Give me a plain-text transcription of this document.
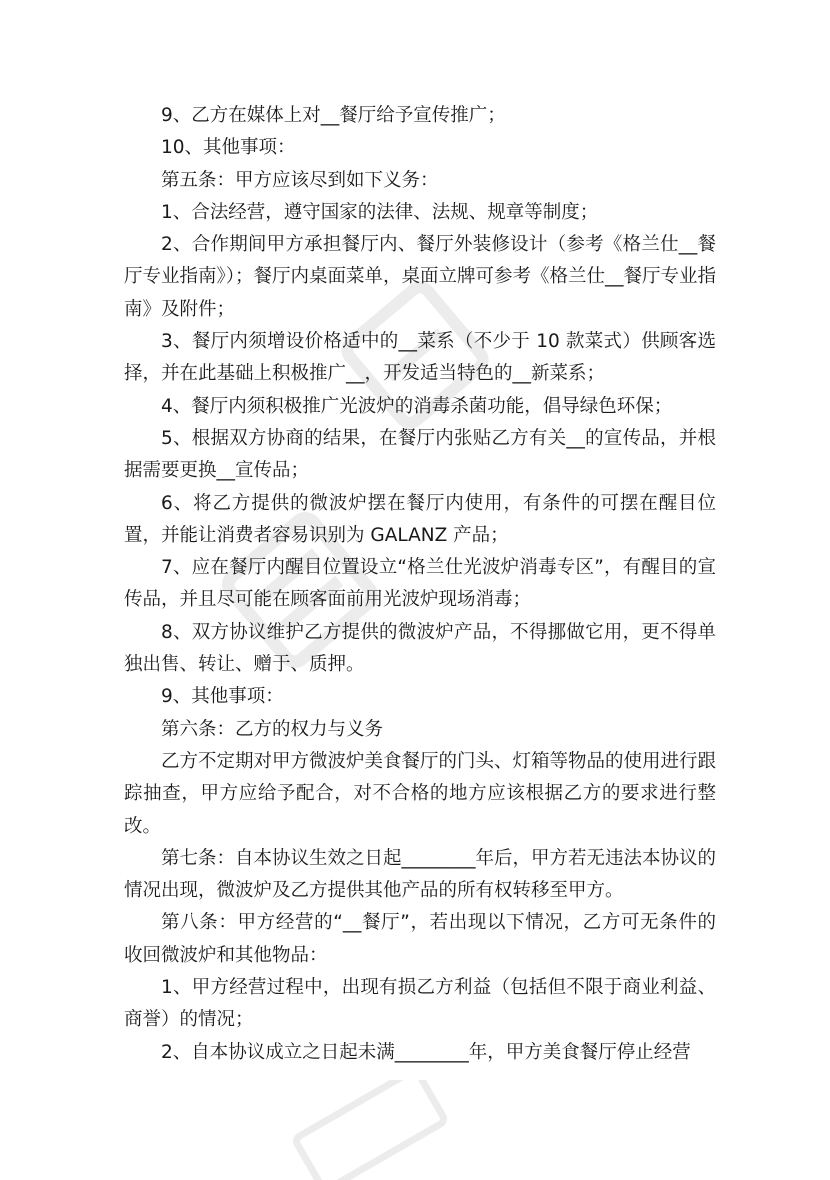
9、乙方在媒体上对__餐厅给予宣传推广；

10、其他事项：

第五条：甲方应该尽到如下义务：

1、合法经营，遵守国家的法律、法规、规章等制度；

2、合作期间甲方承担餐厅内、餐厅外装修设计（参考《格兰仕__餐厅专业指南》）；餐厅内桌面菜单，桌面立牌可参考《格兰仕__餐厅专业指南》及附件；

3、餐厅内须增设价格适中的__菜系（不少于 10 款菜式）供顾客选择，并在此基础上积极推广__，开发适当特色的__新菜系；

4、餐厅内须积极推广光波炉的消毒杀菌功能，倡导绿色环保；

5、根据双方协商的结果，在餐厅内张贴乙方有关__的宣传品，并根据需要更换__宣传品；

6、将乙方提供的微波炉摆在餐厅内使用，有条件的可摆在醒目位置，并能让消费者容易识别为 GALANZ 产品；

7、应在餐厅内醒目位置设立“格兰仕光波炉消毒专区”，有醒目的宣传品，并且尽可能在顾客面前用光波炉现场消毒；

8、双方协议维护乙方提供的微波炉产品，不得挪做它用，更不得单独出售、转让、赠于、质押。

9、其他事项：

第六条：乙方的权力与义务

乙方不定期对甲方微波炉美食餐厅的门头、灯箱等物品的使用进行跟踪抽查，甲方应给予配合，对不合格的地方应该根据乙方的要求进行整改。

第七条：自本协议生效之日起________年后，甲方若无违法本协议的情况出现，微波炉及乙方提供其他产品的所有权转移至甲方。

第八条：甲方经营的“__餐厅”，若出现以下情况，乙方可无条件的收回微波炉和其他物品：

1、甲方经营过程中，出现有损乙方利益（包括但不限于商业利益、商誉）的情况；

2、自本协议成立之日起未满________年，甲方美食餐厅停止经营
